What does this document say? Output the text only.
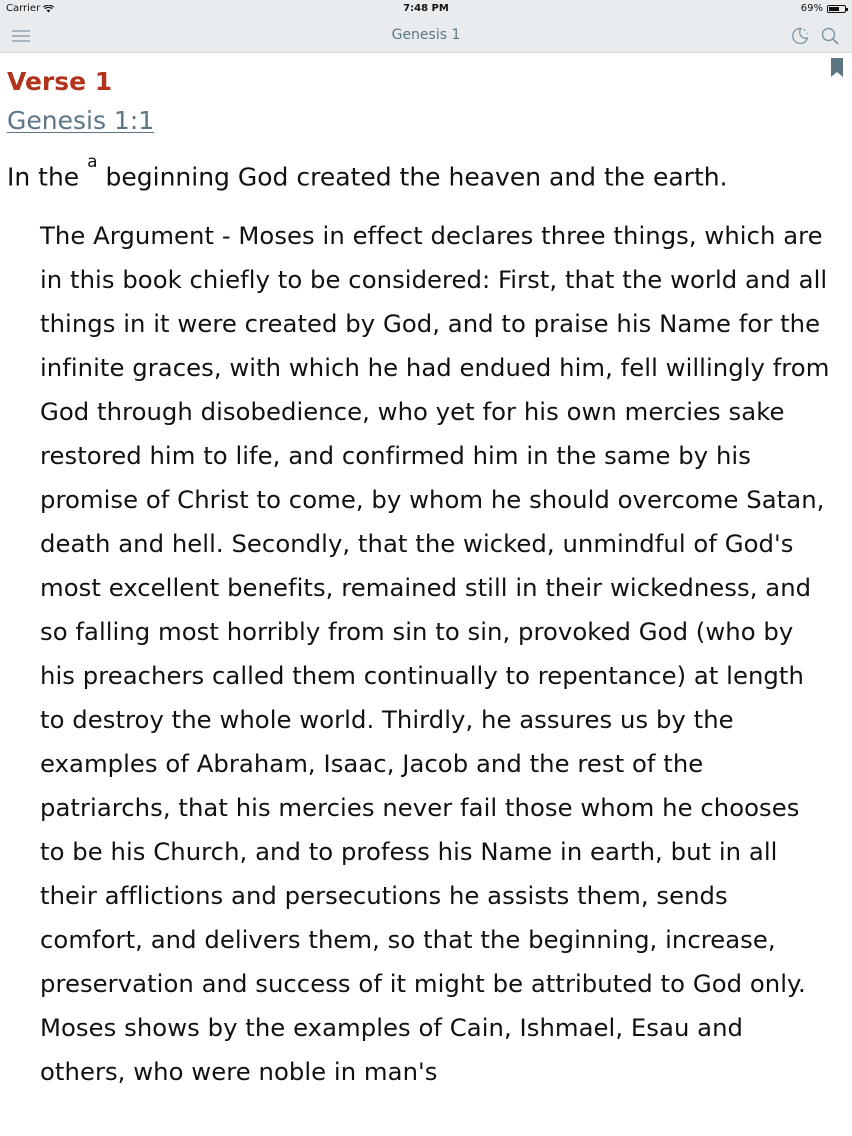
Carrier	7:48 PM	69%
Genesis 1
Verse 1
Genesis 1:1
In the $^a$ beginning God created the heaven and the earth.
The Argument - Moses in effect declares three things, which are in this book chiefly to be considered: First, that the world and all things in it were created by God, and to praise his Name for the infinite graces, with which he had endued him, fell willingly from God through disobedience, who yet for his own mercies sake restored him to life, and confirmed him in the same by his promise of Christ to come, by whom he should overcome Satan, death and hell. Secondly, that the wicked, unmindful of God's most excellent benefits, remained still in their wickedness, and so falling most horribly from sin to sin, provoked God (who by his preachers called them continually to repentance) at length to destroy the whole world. Thirdly, he assures us by the examples of Abraham, Isaac, Jacob and the rest of the patriarchs, that his mercies never fail those whom he chooses to be his Church, and to profess his Name in earth, but in all their afflictions and persecutions he assists them, sends comfort, and delivers them, so that the beginning, increase, preservation and success of it might be attributed to God only. Moses shows by the examples of Cain, Ishmael, Esau and others, who were noble in man's
